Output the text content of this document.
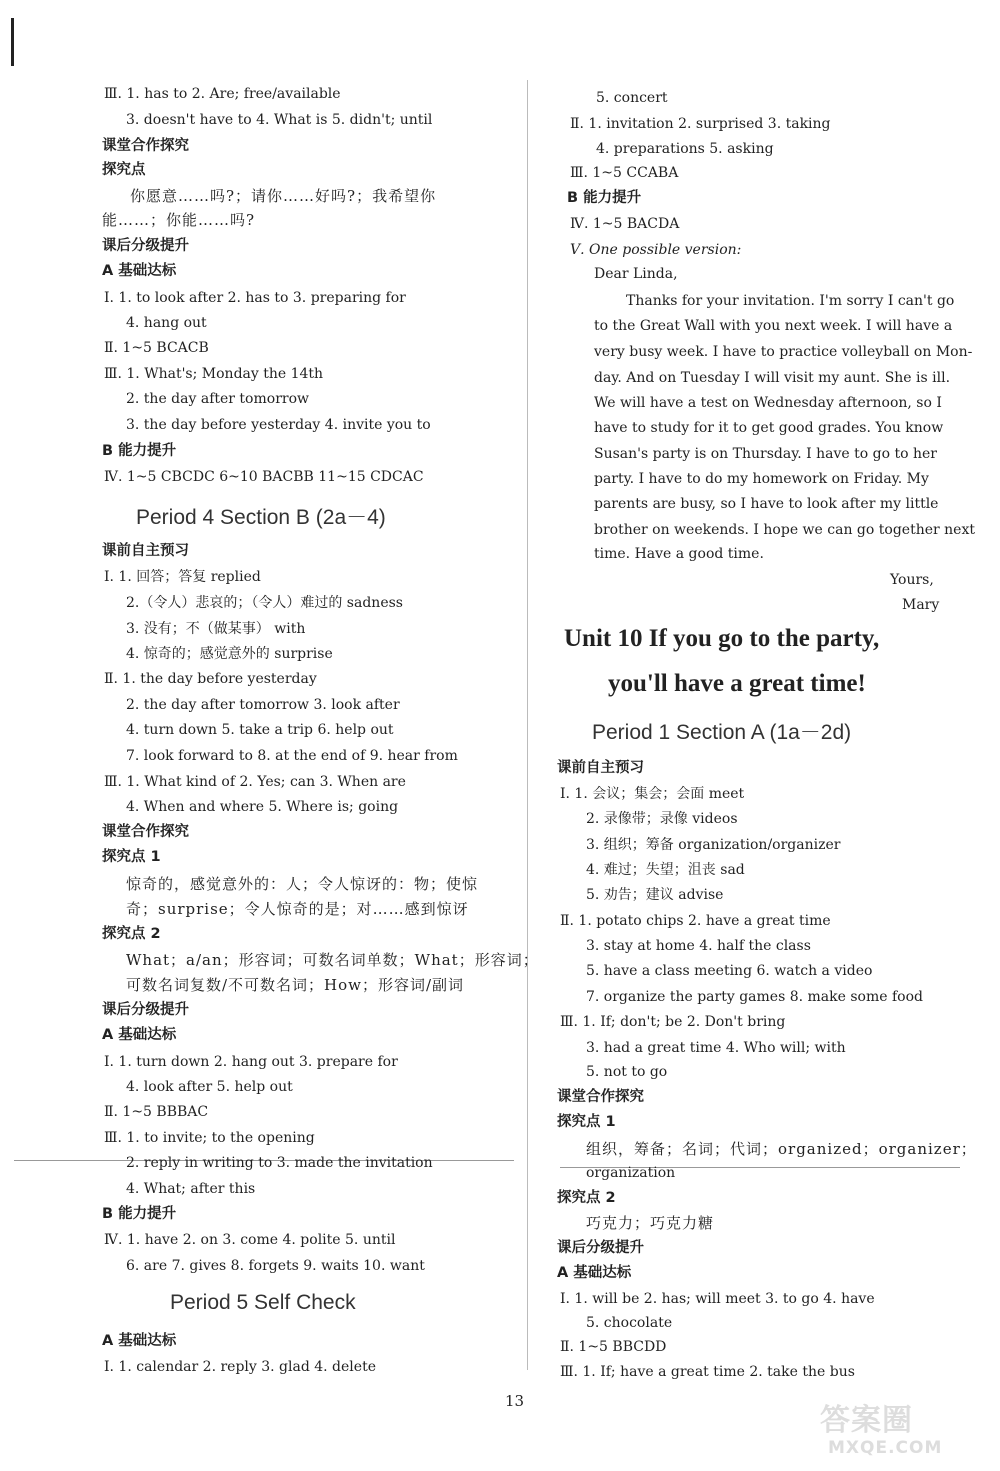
Ⅲ. 1. has to 2. Are; free/available
3. doesn't have to 4. What is 5. didn't; until
课堂合作探究
探究点
你愿意……吗?；请你……好吗?；我希望你
能……；你能……吗?
课后分级提升
A 基础达标
Ⅰ. 1. to look after 2. has to 3. preparing for
4. hang out
Ⅱ. 1~5 BCACB
Ⅲ. 1. What's; Monday the 14th
2. the day after tomorrow
3. the day before yesterday 4. invite you to
B 能力提升
Ⅳ. 1~5 CBCDC 6~10 BACBB 11~15 CDCAC
课前自主预习
Ⅰ. 1. 回答；答复 replied
2.（令人）悲哀的；（令人）难过的 sadness
3. 没有；不（做某事） with
4. 惊奇的；感觉意外的 surprise
Ⅱ. 1. the day before yesterday
2. the day after tomorrow 3. look after
4. turn down 5. take a trip 6. help out
7. look forward to 8. at the end of 9. hear from
Ⅲ. 1. What kind of 2. Yes; can 3. When are
4. When and where 5. Where is; going
课堂合作探究
探究点 1
惊奇的，感觉意外的：人；令人惊讶的：物；使惊
奇；surprise；令人惊奇的是；对……感到惊讶
探究点 2
What；a/an；形容词；可数名词单数；What；形容词；
可数名词复数/不可数名词；How；形容词/副词
课后分级提升
A 基础达标
Ⅰ. 1. turn down 2. hang out 3. prepare for
4. look after 5. help out
Ⅱ. 1~5 BBBAC
Ⅲ. 1. to invite; to the opening
2. reply in writing to 3. made the invitation
4. What; after this
B 能力提升
Ⅳ. 1. have 2. on 3. come 4. polite 5. until
6. are 7. gives 8. forgets 9. waits 10. want
A 基础达标
Ⅰ. 1. calendar 2. reply 3. glad 4. delete
Period 4 Section B (2a－4)
Period 5 Self Check
5. concert
Ⅱ. 1. invitation 2. surprised 3. taking
4. preparations 5. asking
Ⅲ. 1~5 CCABA
B 能力提升
Ⅳ. 1~5 BACDA
Ⅴ. One possible version:
Dear Linda,
Thanks for your invitation. I'm sorry I can't go
to the Great Wall with you next week. I will have a
very busy week. I have to practice volleyball on Mon-
day. And on Tuesday I will visit my aunt. She is ill.
We will have a test on Wednesday afternoon, so I
have to study for it to get good grades. You know
Susan's party is on Thursday. I have to go to her
party. I have to do my homework on Friday. My
parents are busy, so I have to look after my little
brother on weekends. I hope we can go together next
time. Have a good time.
Yours,
Mary
课前自主预习
Ⅰ. 1. 会议；集会；会面 meet
2. 录像带；录像 videos
3. 组织；筹备 organization/organizer
4. 难过；失望；沮丧 sad
5. 劝告；建议 advise
Ⅱ. 1. potato chips 2. have a great time
3. stay at home 4. half the class
5. have a class meeting 6. watch a video
7. organize the party games 8. make some food
Ⅲ. 1. If; don't; be 2. Don't bring
3. had a great time 4. Who will; with
5. not to go
课堂合作探究
探究点 1
组织，筹备；名词；代词；organized；organizer；
organization
探究点 2
巧克力；巧克力糖
课后分级提升
A 基础达标
Ⅰ. 1. will be 2. has; will meet 3. to go 4. have
5. chocolate
Ⅱ. 1~5 BBCDD
Ⅲ. 1. If; have a great time 2. take the bus
Unit 10 If you go to the party,
you'll have a great time!
Period 1 Section A (1a－2d)
13
答案圈
MXQE.COM
